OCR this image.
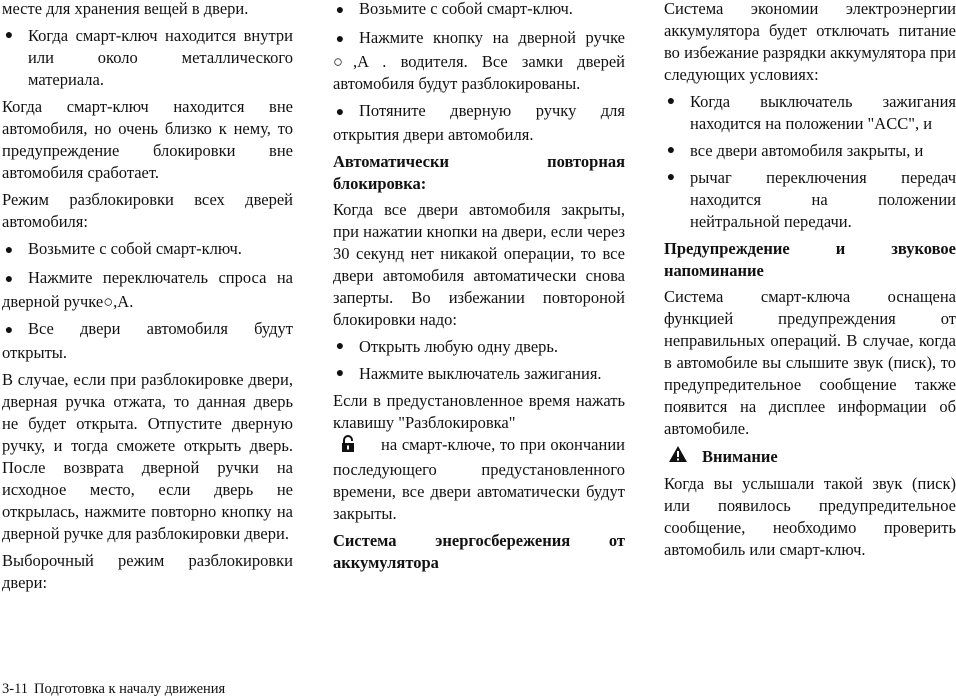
месте для хранения вещей в двери.

● Когда смарт-ключ находится внутри или около металлического материала.

Когда смарт-ключ находится вне автомобиля, но очень близко к нему, то предупреждение блокировки вне автомобиля сработает.

Режим разблокировки всех дверей автомобиля:

● Возьмите с собой смарт-ключ.
● Нажмите переключатель спроса на дверной ручке○,A.
● Все двери автомобиля будут открыты.

В случае, если при разблокировке двери, дверная ручка отжата, то данная дверь не будет открыта. Отпустите дверную ручку, и тогда сможете открыть дверь. После возврата дверной ручки на исходное место, если дверь не открылась, нажмите повторно кнопку на дверной ручке для разблокировки двери.

Выборочный режим разблокировки двери:

● Возьмите с собой смарт-ключ.
● Нажмите кнопку на дверной ручке ○,A . водителя. Все замки дверей автомобиля будут разблокированы.
● Потяните дверную ручку для открытия двери автомобиля.
Автоматически повторная блокировка:

Когда все двери автомобиля закрыты, при нажатии кнопки на двери, если через 30 секунд нет никакой операции, то все двери автомобиля автоматически снова заперты. Во избежании повтороной блокировки надо:

● Открыть любую одну дверь.
● Нажмите выключатель зажигания.

Если в предустановленное время нажать клавишу "Разблокировка"
на смарт-ключе, то при окончании последующего предустановленного времени, все двери автоматически будут закрыты.

Система энергосбережения от аккумулятора

Система экономии электроэнергии аккумулятора будет отключать питание во избежание разрядки аккумулятора при следующих условиях:

● Когда выключатель зажигания находится на положении "ACC", и
● все двери автомобиля закрыты, и
● рычаг переключения передач находится на положении нейтральной передачи.
Предупреждение и звуковое напоминание

Система смарт-ключа оснащена функцией предупреждения от неправильных операций. В случае, когда в автомобиле вы слышите звук (писк), то предупредительное сообщение также появится на дисплее информации об автомобиле.

Внимание

Когда вы услышали такой звук (писк) или появилось предупредительное сообщение, необходимо проверить автомобиль или смарт-ключ.

3-11 Подготовка к началу движения
